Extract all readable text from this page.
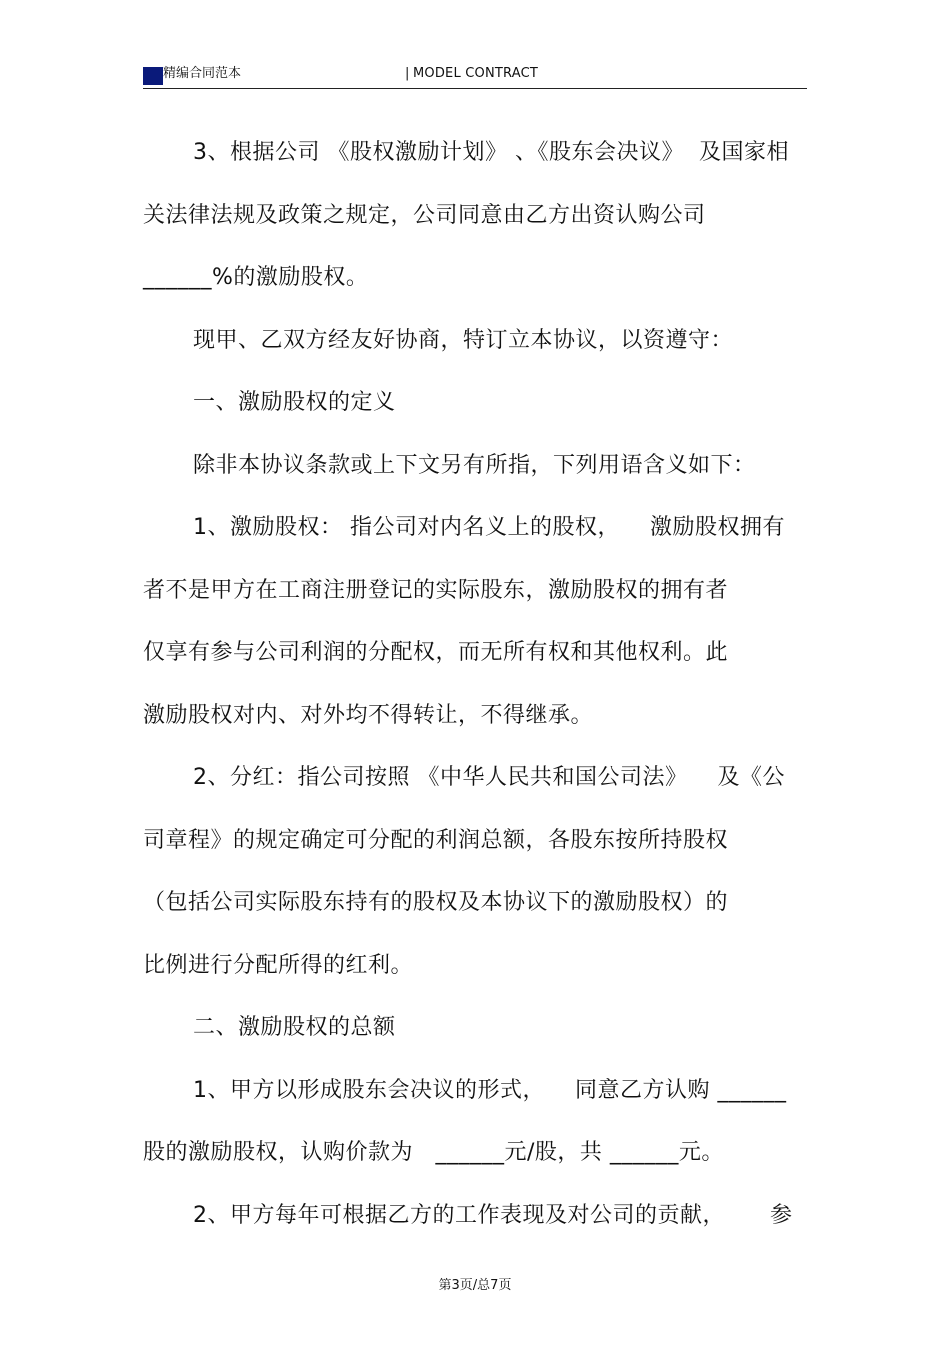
精编合同范本	| MODEL CONTRACT
3、根据公司 《股权激励计划》 、《股东会决议》  及国家相
关法律法规及政策之规定，公司同意由乙方出资认购公司
______%的激励股权。
现甲、乙双方经友好协商，特订立本协议，以资遵守：
一、激励股权的定义
除非本协议条款或上下文另有所指，下列用语含义如下：
1、激励股权： 指公司对内名义上的股权，    激励股权拥有
者不是甲方在工商注册登记的实际股东，激励股权的拥有者
仅享有参与公司利润的分配权，而无所有权和其他权利。此
激励股权对内、对外均不得转让，不得继承。
2、分红：指公司按照 《中华人民共和国公司法》    及《公
司章程》的规定确定可分配的利润总额，各股东按所持股权
（包括公司实际股东持有的股权及本协议下的激励股权）的
比例进行分配所得的红利。
二、激励股权的总额
1、甲方以形成股东会决议的形式，    同意乙方认购 ______
股的激励股权，认购价款为   ______元/股，共 ______元。
2、甲方每年可根据乙方的工作表现及对公司的贡献，      参
第3页/总7页
